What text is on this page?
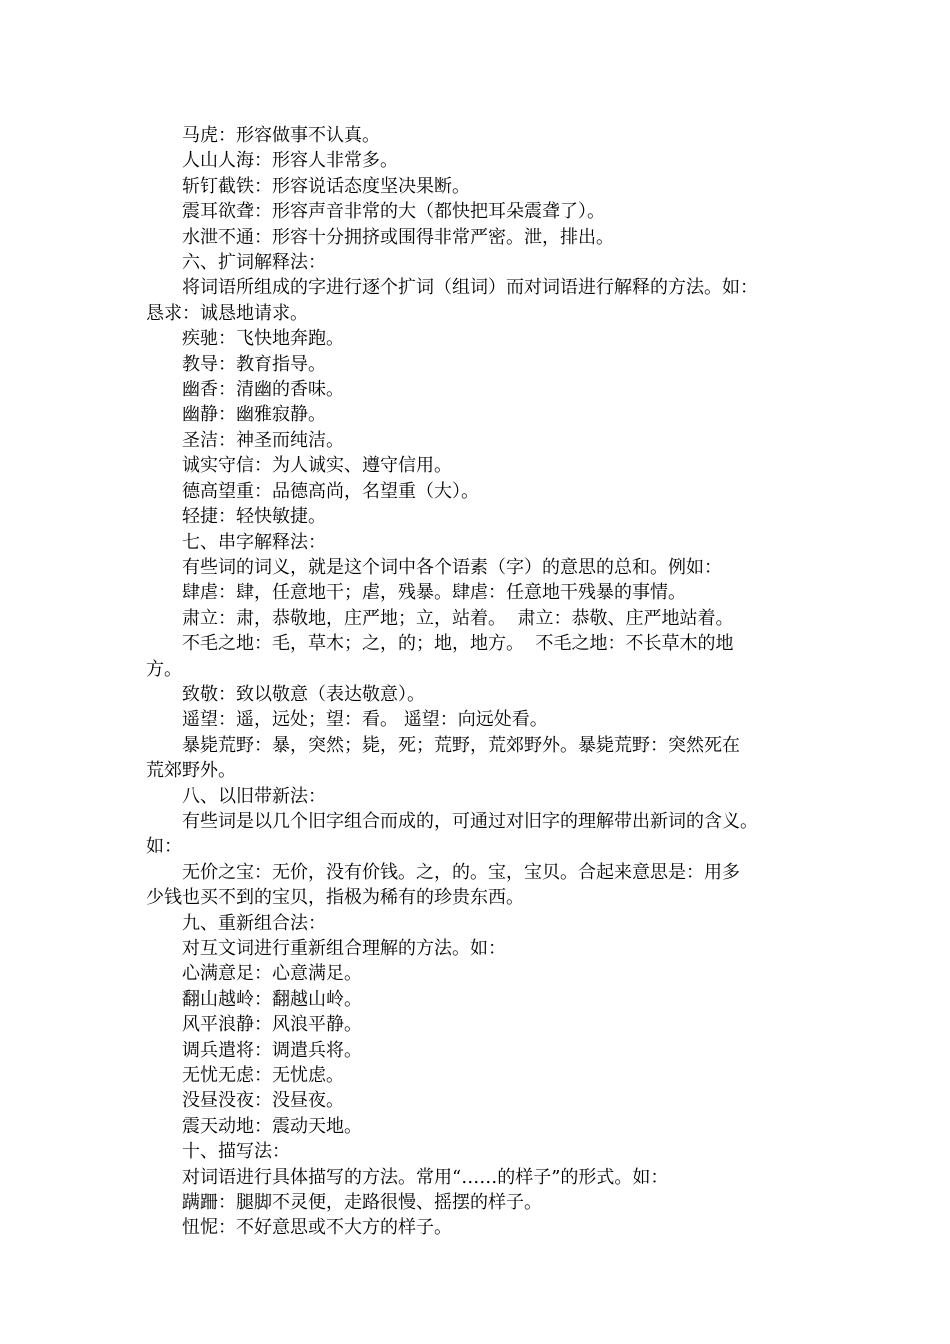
马虎：形容做事不认真。

人山人海：形容人非常多。

斩钉截铁：形容说话态度坚决果断。

震耳欲聋：形容声音非常的大（都快把耳朵震聋了）。

水泄不通：形容十分拥挤或围得非常严密。泄，排出。

六、扩词解释法：

将词语所组成的字进行逐个扩词（组词）而对词语进行解释的方法。如：

恳求：诚恳地请求。

疾驰：飞快地奔跑。

教导：教育指导。

幽香：清幽的香味。

幽静：幽雅寂静。

圣洁：神圣而纯洁。

诚实守信：为人诚实、遵守信用。

德高望重：品德高尚，名望重（大）。

轻捷：轻快敏捷。

七、串字解释法：

有些词的词义，就是这个词中各个语素（字）的意思的总和。例如：

肆虐：肆，任意地干；虐，残暴。肆虐：任意地干残暴的事情。

肃立：肃，恭敬地，庄严地；立，站着。  肃立：恭敬、庄严地站着。

不毛之地：毛，草木；之，的；地，地方。  不毛之地：不长草木的地

方。

致敬：致以敬意（表达敬意）。

遥望：遥，远处；望：看。 遥望：向远处看。

暴毙荒野：暴，突然；毙，死；荒野，荒郊野外。暴毙荒野：突然死在

荒郊野外。

八、以旧带新法：

有些词是以几个旧字组合而成的，可通过对旧字的理解带出新词的含义。

如：

无价之宝：无价，没有价钱。之，的。宝，宝贝。合起来意思是：用多

少钱也买不到的宝贝，指极为稀有的珍贵东西。

九、重新组合法：

对互文词进行重新组合理解的方法。如：

心满意足：心意满足。

翻山越岭：翻越山岭。

风平浪静：风浪平静。

调兵遣将：调遣兵将。

无忧无虑：无忧虑。

没昼没夜：没昼夜。

震天动地：震动天地。

十、描写法：

对词语进行具体描写的方法。常用“……的样子”的形式。如：

蹒跚：腿脚不灵便，走路很慢、摇摆的样子。

忸怩：不好意思或不大方的样子。
